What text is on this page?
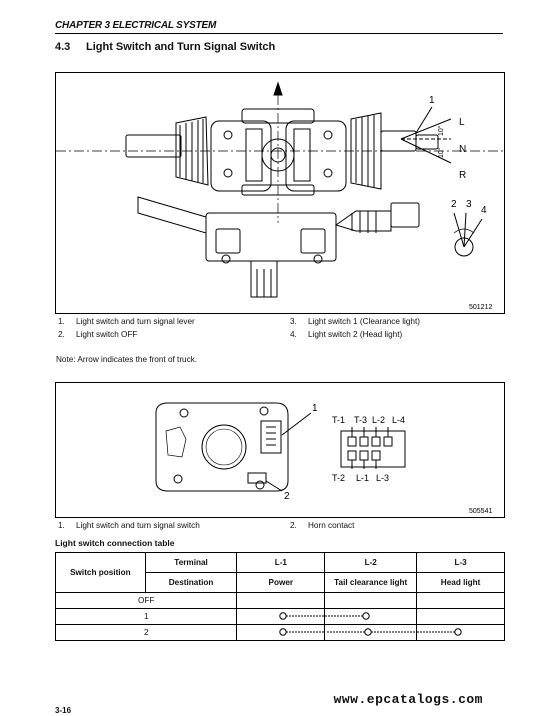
CHAPTER 3 ELECTRICAL SYSTEM
4.3 Light Switch and Turn Signal Switch
1
L
N
R
10°
10°
2 3
4
501212
1. Light switch and turn signal lever
2. Light switch OFF
3. Light switch 1 (Clearance light)
4. Light switch 2 (Head light)
Note: Arrow indicates the front of truck.
1
2
T-1 T-3 L-2 L-4
T-2 L-1 L-3
505541
1. Light switch and turn signal switch	2. Horn contact
Light switch connection table
Switch position	Terminal	L-1	L-2	L-3
	Destination	Power	Tail clearance light	Head light
OFF				
1			
2			
www.epcatalogs.com
3-16
